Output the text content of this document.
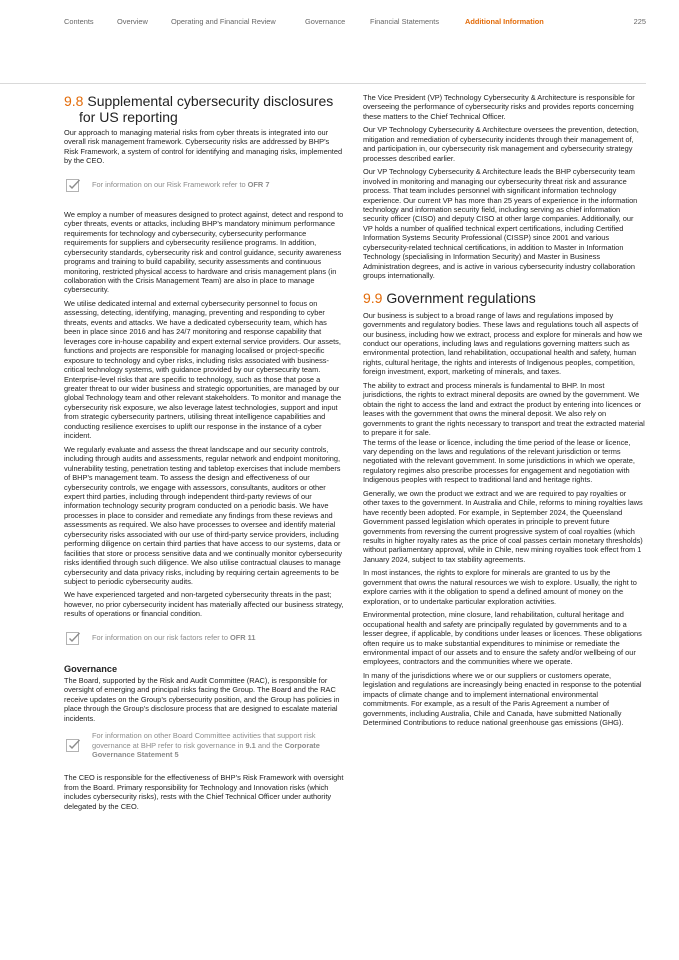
Contents	Overview	Operating and Financial Review	Governance	Financial Statements	Additional Information	225
9.8 Supplemental cybersecurity disclosures
for US reporting

Our approach to managing material risks from cyber threats is integrated into our overall risk management framework. Cybersecurity risks are addressed by BHP’s Risk Framework, a system of control for identifying and managing risks, implemented by the CEO.

For information on our Risk Framework refer to OFR 7

We employ a number of measures designed to protect against, detect and respond to cyber threats, events or attacks, including BHP’s mandatory minimum performance requirements for technology and cybersecurity, cybersecurity performance requirements for suppliers and cybersecurity resilience programs. In addition, cybersecurity standards, cybersecurity risk and control guidance, security awareness programs and training to build capability, security assessments and continuous monitoring, restricted physical access to hardware and crisis management plans (in collaboration with the Crisis Management Team) are also in place to manage cybersecurity.

We utilise dedicated internal and external cybersecurity personnel to focus on assessing, detecting, identifying, managing, preventing and responding to cyber threats, events and attacks. We have a dedicated cybersecurity team, which has been in place since 2016 and has 24/7 monitoring and response capability that leverages core in-house capability and expert external service providers. Our assets, functions and projects are responsible for managing localised or project-specific exposure to technology and cyber risks, including risks associated with business-critical technology systems, with guidance provided by our cybersecurity team. Enterprise-level risks that are specific to technology, such as those that pose a greater threat to our wider business and strategic opportunities, are managed by our global Technology team and other relevant stakeholders. To monitor and manage the cybersecurity risk exposure, we also leverage latest technologies, support and input from strategic cybersecurity partners, utilising threat intelligence capabilities and conducting resilience exercises to uplift our response in the instance of a cyber incident.

We regularly evaluate and assess the threat landscape and our security controls, including through audits and assessments, regular network and endpoint monitoring, vulnerability testing, penetration testing and tabletop exercises that include members of BHP’s management team. To assess the design and effectiveness of our cybersecurity controls, we engage with assessors, consultants, auditors or other expert third parties, including through independent third-party reviews of our information technology security program conducted on a periodic basis. We have processes in place to consider and remediate any findings from these reviews and assessments as required. We also have processes to oversee and identify material cybersecurity risks associated with our use of third-party service providers, including performing diligence on certain third parties that have access to our systems, data or facilities that store or process sensitive data and we continually monitor cybersecurity risks identified through such diligence. We also utilise contractual clauses to manage cybersecurity and data privacy risks, including by requiring certain agreements to be subject to periodic cybersecurity audits.

We have experienced targeted and non-targeted cybersecurity threats in the past; however, no prior cybersecurity incident has materially affected our business strategy, results of operations or financial condition.

For information on our risk factors refer to OFR 11
Governance

The Board, supported by the Risk and Audit Committee (RAC), is responsible for oversight of emerging and principal risks facing the Group. The Board and the RAC receive updates on the Group’s cybersecurity position, and the Group has policies in place through the Group’s disclosure process that are designed to escalate material incidents.

For information on other Board Committee activities that support risk governance at BHP refer to risk governance in 9.1 and the Corporate Governance Statement 5

The CEO is responsible for the effectiveness of BHP’s Risk Framework with oversight from the Board. Primary responsibility for Technology and Innovation risks (which includes cybersecurity risks), rests with the Chief Technical Officer under authority delegated by the CEO.

The Vice President (VP) Technology Cybersecurity & Architecture is responsible for overseeing the performance of cybersecurity risks and provides reports concerning these matters to the Chief Technical Officer.

Our VP Technology Cybersecurity & Architecture oversees the prevention, detection, mitigation and remediation of cybersecurity incidents through their management of, and participation in, our cybersecurity risk management and cybersecurity strategy processes described earlier.

Our VP Technology Cybersecurity & Architecture leads the BHP cybersecurity team involved in monitoring and managing our cybersecurity threat risk and assurance process. That team includes personnel with significant information technology experience. Our current VP has more than 25 years of experience in the information technology and information security field, including serving as chief information security officer (CISO) and deputy CISO at other large companies. Additionally, our VP holds a number of qualified technical expert certifications, including Certified Information Systems Security Professional (CISSP) since 2001 and various cybersecurity-related technical certifications, in addition to Master in Information Technology (specialising in Information Security) and Master in Business Administration degrees, and is active in various cybersecurity industry collaboration groups internationally.

9.9 Government regulations

Our business is subject to a broad range of laws and regulations imposed by governments and regulatory bodies. These laws and regulations touch all aspects of our business, including how we extract, process and explore for minerals and how we conduct our operations, including laws and regulations governing matters such as environmental protection, land rehabilitation, occupational health and safety, human rights, cultural heritage, the rights and interests of Indigenous peoples, competition, foreign investment, export, marketing of minerals, and taxes.

The ability to extract and process minerals is fundamental to BHP. In most jurisdictions, the rights to extract mineral deposits are owned by the government. We obtain the right to access the land and extract the product by entering into licences or leases with the government that owns the mineral deposit. We also rely on governments to grant the rights necessary to transport and treat the extracted material to prepare it for sale.

The terms of the lease or licence, including the time period of the lease or licence, vary depending on the laws and regulations of the relevant jurisdiction or terms negotiated with the relevant government. In some jurisdictions in which we operate, regulatory regimes also prescribe processes for engagement and negotiation with Indigenous peoples with respect to traditional land and heritage rights.

Generally, we own the product we extract and we are required to pay royalties or other taxes to the government. In Australia and Chile, reforms to mining royalties laws have recently been adopted. For example, in September 2024, the Queensland Government passed legislation which operates in principle to prevent future governments from reversing the current progressive system of coal royalties (which results in higher royalty rates as the price of coal passes certain monetary thresholds) without parliamentary approval, while in Chile, new mining royalties took effect from 1 January 2024, subject to tax stability agreements.

In most instances, the rights to explore for minerals are granted to us by the government that owns the natural resources we wish to explore. Usually, the right to explore carries with it the obligation to spend a defined amount of money on the exploration, or to undertake particular exploration activities.

Environmental protection, mine closure, land rehabilitation, cultural heritage and occupational health and safety are principally regulated by governments and to a lesser degree, if applicable, by conditions under leases or licences. These obligations often require us to make substantial expenditures to minimise or remediate the environmental impact of our assets and to ensure the safety and/or wellbeing of our employees, contractors and the communities where we operate.

In many of the jurisdictions where we or our suppliers or customers operate, legislation and regulations are increasingly being enacted in response to the potential impacts of climate change and to implement international environmental commitments. For example, as a result of the Paris Agreement a number of governments, including Australia, Chile and Canada, have submitted Nationally Determined Contributions to reduce national greenhouse gas emissions (GHG).
